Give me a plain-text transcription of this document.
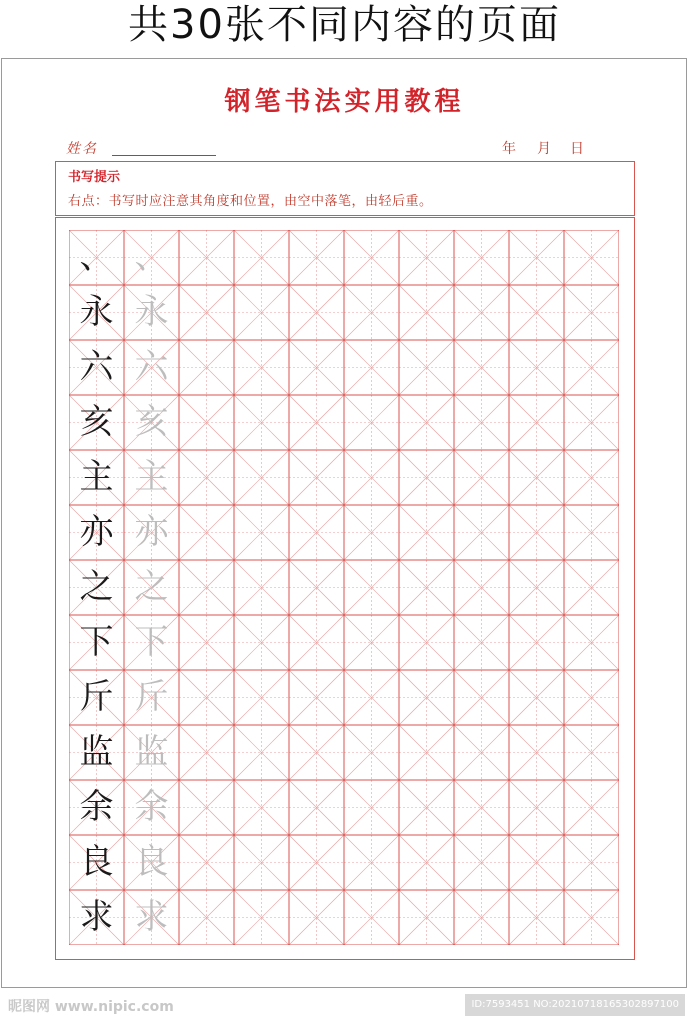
共30张不同内容的页面
钢笔书法实用教程
姓名	年 月 日
书写提示
右点：书写时应注意其角度和位置，由空中落笔，由轻后重。
、 、
永 永
六 六
亥 亥
主 主
亦 亦
之 之
下 下
斤 斤
监 监
余 余
良 良
求 求
昵图网 www.nipic.com	ID:7593451 NO:20210718165302897100
